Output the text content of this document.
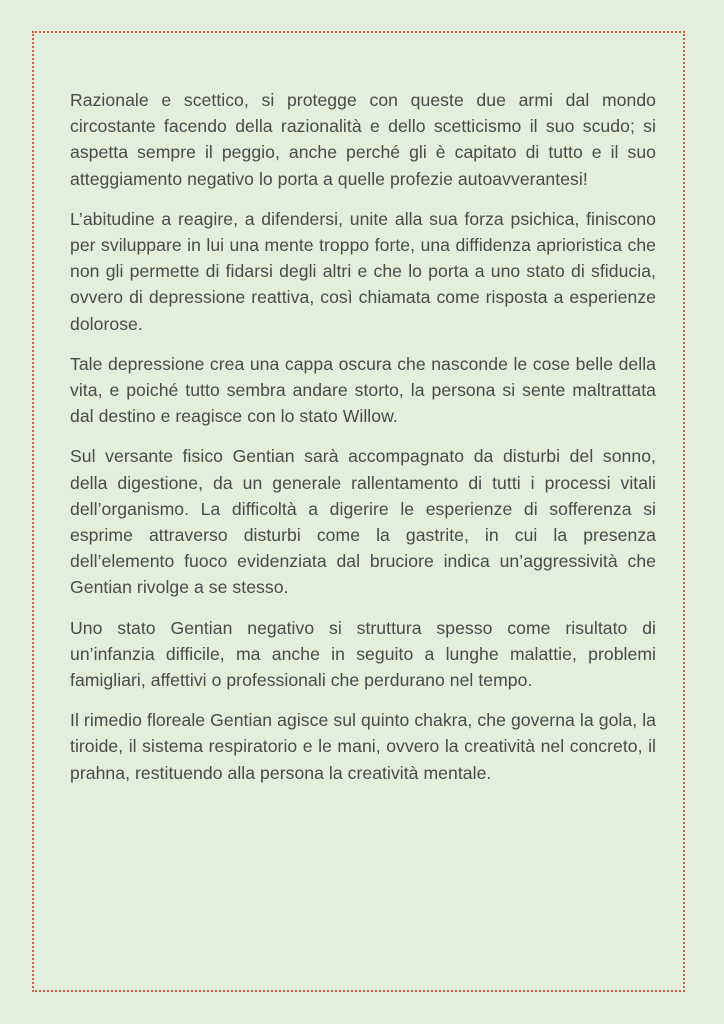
Razionale e scettico, si protegge con queste due armi dal mondo circostante facendo della razionalità e dello scetticismo il suo scudo; si aspetta sempre il peggio, anche perché gli è capitato di tutto e il suo atteggiamento negativo lo porta a quelle profezie autoavverantesi!

L’abitudine a reagire, a difendersi, unite alla sua forza psichica, finiscono per sviluppare in lui una mente troppo forte, una diffidenza aprioristica che non gli permette di fidarsi degli altri e che lo porta a uno stato di sfiducia, ovvero di depressione reattiva, così chiamata come risposta a esperienze dolorose.

Tale depressione crea una cappa oscura che nasconde le cose belle della vita, e poiché tutto sembra andare storto, la persona si sente maltrattata dal destino e reagisce con lo stato Willow.

Sul versante fisico Gentian sarà accompagnato da disturbi del sonno, della digestione, da un generale rallentamento di tutti i processi vitali dell’organismo. La difficoltà a digerire le esperienze di sofferenza si esprime attraverso disturbi come la gastrite, in cui la presenza dell’elemento fuoco evidenziata dal bruciore indica un’aggressività che Gentian rivolge a se stesso.

Uno stato Gentian negativo si struttura spesso come risultato di un’infanzia difficile, ma anche in seguito a lunghe malattie, problemi famigliari, affettivi o professionali che perdurano nel tempo.

Il rimedio floreale Gentian agisce sul quinto chakra, che governa la gola, la tiroide, il sistema respiratorio e le mani, ovvero la creatività nel concreto, il prahna, restituendo alla persona la creatività mentale.
